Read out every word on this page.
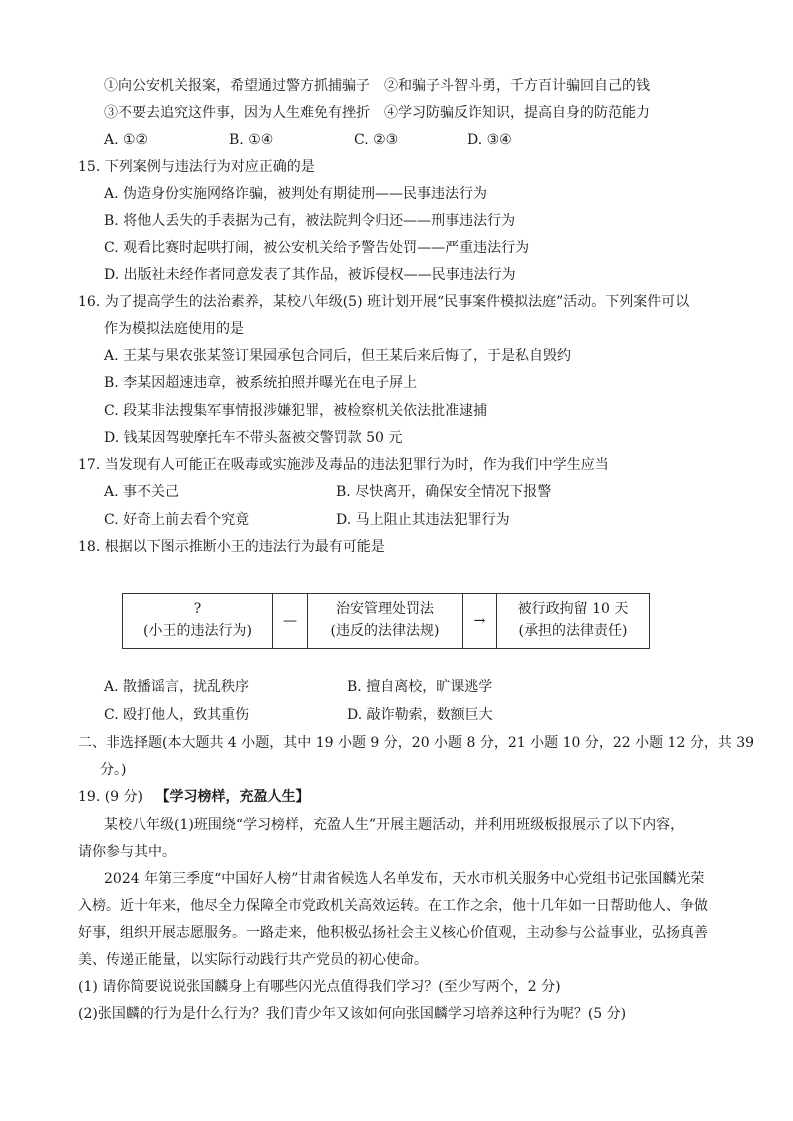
①向公安机关报案，希望通过警方抓捕骗子　②和骗子斗智斗勇，千方百计骗回自己的钱
③不要去追究这件事，因为人生难免有挫折　④学习防骗反诈知识，提高自身的防范能力
A. ①②	B. ①④	C. ②③	D. ③④
15. 下列案例与违法行为对应正确的是
A. 伪造身份实施网络诈骗，被判处有期徒刑——民事违法行为
B. 将他人丢失的手表据为己有，被法院判令归还——刑事违法行为
C. 观看比赛时起哄打闹，被公安机关给予警告处罚——严重违法行为
D. 出版社未经作者同意发表了其作品，被诉侵权——民事违法行为
16. 为了提高学生的法治素养，某校八年级(5) 班计划开展“民事案件模拟法庭”活动。下列案件可以
作为模拟法庭使用的是
A. 王某与果农张某签订果园承包合同后，但王某后来后悔了，于是私自毁约
B. 李某因超速违章，被系统拍照并曝光在电子屏上
C. 段某非法搜集军事情报涉嫌犯罪，被检察机关依法批准逮捕
D. 钱某因驾驶摩托车不带头盔被交警罚款 50 元
17. 当发现有人可能正在吸毒或实施涉及毒品的违法犯罪行为时，作为我们中学生应当
A. 事不关己	B. 尽快离开，确保安全情况下报警
C. 好奇上前去看个究竟	D. 马上阻止其违法犯罪行为
18. 根据以下图示推断小王的违法行为最有可能是
?
(小王的违法行为)
—
治安管理处罚法
(违反的法律法规)
→
被行政拘留 10 天
(承担的法律责任)
A. 散播谣言，扰乱秩序	B. 擅自离校，旷课逃学
C. 殴打他人，致其重伤	D. 敲诈勒索，数额巨大
二、非选择题(本大题共 4 小题，其中 19 小题 9 分，20 小题 8 分，21 小题 10 分，22 小题 12 分，共 39
分。)
19. (9 分) 【学习榜样，充盈人生】
某校八年级(1)班围绕“学习榜样，充盈人生”开展主题活动，并利用班级板报展示了以下内容，
请你参与其中。
2024 年第三季度“中国好人榜”甘肃省候选人名单发布，天水市机关服务中心党组书记张国麟光荣
入榜。近十年来，他尽全力保障全市党政机关高效运转。在工作之余，他十几年如一日帮助他人、争做
好事，组织开展志愿服务。一路走来，他积极弘扬社会主义核心价值观，主动参与公益事业，弘扬真善
美、传递正能量，以实际行动践行共产党员的初心使命。
(1) 请你简要说说张国麟身上有哪些闪光点值得我们学习？(至少写两个，2 分)
(2)张国麟的行为是什么行为？我们青少年又该如何向张国麟学习培养这种行为呢？(5 分)
